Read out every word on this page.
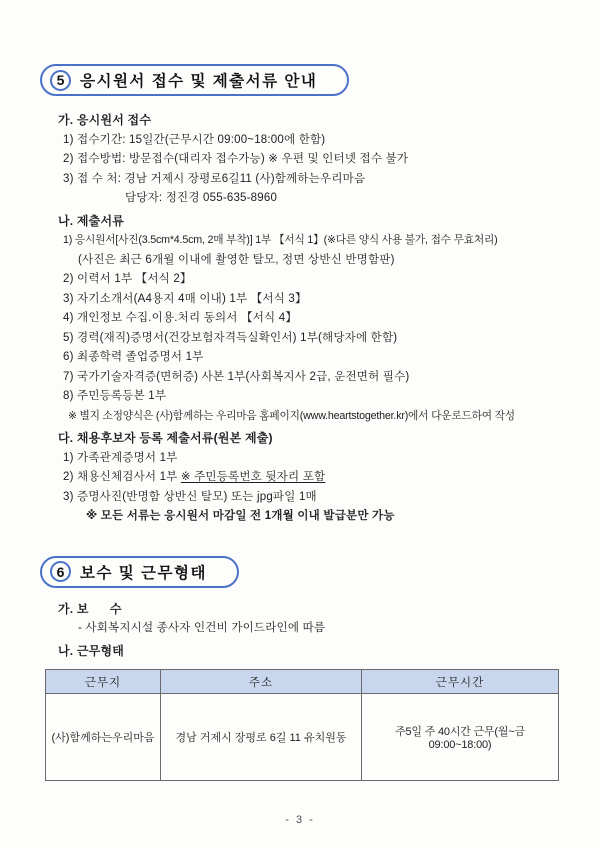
5	응시원서 접수 및 제출서류 안내
가. 응시원서 접수
1) 접수기간: 15일간(근무시간 09:00~18:00에 한함)
2) 접수방법: 방문접수(대리자 접수가능) ※ 우편 및 인터넷 접수 불가
3) 접 수 처: 경남 거제시 장평로6길11 (사)함께하는우리마음
담당자: 정진경 055-635-8960
나. 제출서류
1) 응시원서[사진(3.5cm*4.5cm, 2매 부착)] 1부 【서식 1】(※다른 양식 사용 불가, 접수 무효처리)
(사진은 최근 6개월 이내에 촬영한 탈모, 정면 상반신 반명함판)
2) 이력서 1부 【서식 2】
3) 자기소개서(A4용지 4매 이내) 1부 【서식 3】
4) 개인정보 수집.이용.처리 동의서 【서식 4】
5) 경력(재직)증명서(건강보험자격득실확인서) 1부(해당자에 한함)
6) 최종학력 졸업증명서 1부
7) 국가기술자격증(면허증) 사본 1부(사회복지사 2급, 운전면허 필수)
8) 주민등록등본 1부
※ 별지 소정양식은 (사)함께하는 우리마음 홈페이지(www.heartstogether.kr)에서 다운로드하여 작성
다. 채용후보자 등록 제출서류(원본 제출)
1) 가족관계증명서 1부
2) 채용신체검사서 1부 ※ 주민등록번호 뒷자리 포함
3) 증명사진(반명함 상반신 탈모) 또는 jpg파일 1매
※ 모든 서류는 응시원서 마감일 전 1개월 이내 발급분만 가능
6	보수 및 근무형태
가. 보      수
- 사회복지시설 종사자 인건비 가이드라인에 따름
나. 근무형태
근무지	주소	근무시간
(사)함께하는우리마음	경남 거제시 장평로 6길 11 유치원동	주5일 주 40시간 근무(월~금 09:00~18:00)
- 3 -
